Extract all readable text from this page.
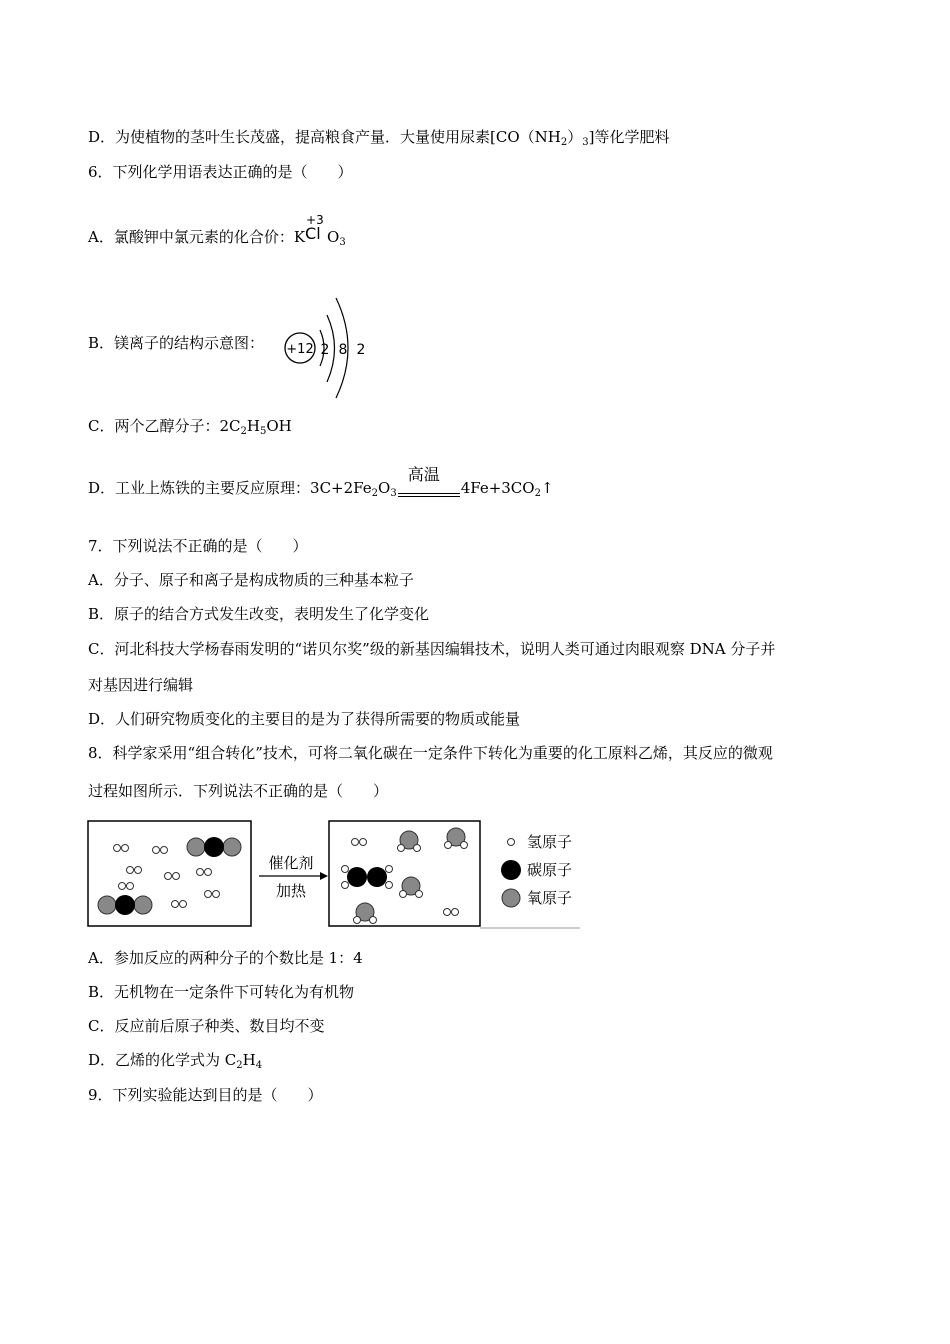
D．为使植物的茎叶生长茂盛，提高粮食产量．大量使用尿素$[CO(NH_2)_3]$等化学肥料
6．下列化学用语表达正确的是（　　）
A．氯酸钾中氯元素的化合价：K
+3
Cl $O_3$
B．镁离子的结构示意图： +12 2 8 2
C．两个乙醇分子：$2C_2H_5OH$
D．工业上炼铁的主要反应原理：$3C+2Fe_2O_3$
高温
$4Fe+3CO_2↑$
7．下列说法不正确的是（　　）
A．分子、原子和离子是构成物质的三种基本粒子
B．原子的结合方式发生改变，表明发生了化学变化
C．河北科技大学杨春雨发明的“诺贝尔奖”级的新基因编辑技术，说明人类可通过肉眼观察 DNA 分子并
对基因进行编辑
D．人们研究物质变化的主要目的是为了获得所需要的物质或能量
8．科学家采用“组合转化”技术，可将二氧化碳在一定条件下转化为重要的化工原料乙烯，其反应的微观
过程如图所示．下列说法不正确的是（　　）
催化剂
加热
氢原子
碳原子
氧原子
A．参加反应的两种分子的个数比是 1：4
B．无机物在一定条件下可转化为有机物
C．反应前后原子种类、数目均不变
D．乙烯的化学式为 $C_2H_4$
9．下列实验能达到目的是（　　）
